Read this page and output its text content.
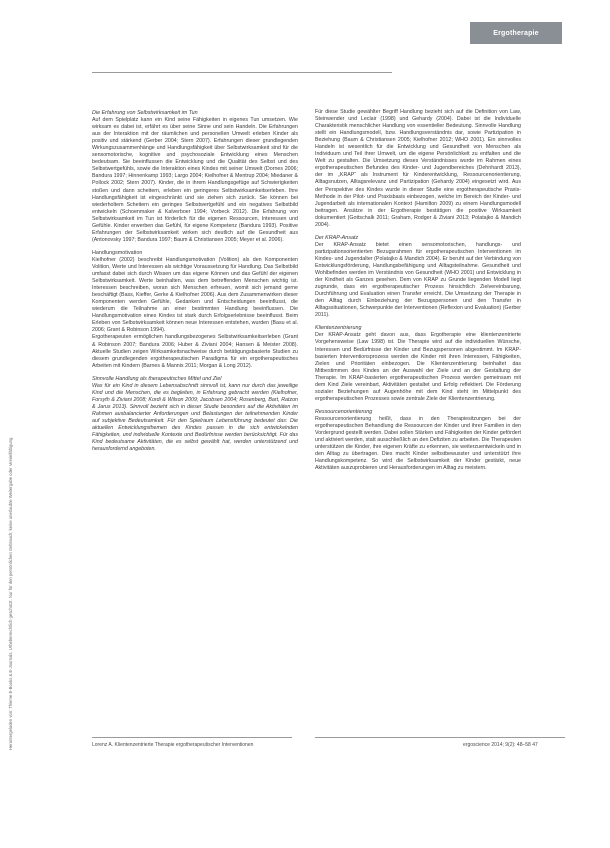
Ergotherapie
Heruntergeladen von: Thieme E-Books & E-Journals. Urheberrechtlich geschützt. Nur für den persönlichen Gebrauch; keine unerlaubte Weitergabe oder Vervielfältigung.

Die Erfahrung von Selbstwirksamkeit im Tun

Auf dem Spielplatz kann ein Kind seine Fähigkeiten in eigenes Tun umsetzen. Wie wirksam es dabei ist, erfährt es über seine Sinne und sein Handeln. Die Erfahrungen aus der Interaktion mit der räumlichen und personellen Umwelt erleben Kinder als positiv und stärkend (Gerber 2004; Stern 2007). Erfahrungen dieser grundlegenden Wirkungszusammenhänge und Handlungsfähigkeit über Selbstwirksamkeit sind für die sensomotorische, kognitive und psychosoziale Entwicklung eines Menschen bedeutsam. Sie beeinflussen die Entwicklung und die Qualität des Selbst und des Selbstwertgefühls, sowie die Interaktion eines Kindes mit seiner Umwelt (Dornes 2006; Bandura 1997; Hinnenkamp 1993; Largo 2004; Kielhofner & Mentrup 2004; Miedaner & Pollock 2002; Stern 2007). Kinder, die in ihrem Handlungsgefüge auf Schwierigkeiten stoßen und dann scheitern, erleben ein geringeres Selbstwirksamkeitserleben. Ihre Handlungsfähigkeit ist eingeschränkt und sie ziehen sich zurück. Sie können bei wiederholtem Scheitern ein geringes Selbstwertgefühl und ein negatives Selbstbild entwickeln (Schoenmaker & Kalverboer 1994; Vorbeck 2012). Die Erfahrung von Selbstwirksamkeit im Tun ist förderlich für die eigenen Ressourcen, Interessen und Gefühle. Kinder erwerben das Gefühl, für eigene Kompetenz (Bandura 1993). Positive Erfahrungen der Selbstwirksamkeit wirken sich deutlich auf die Gesundheit aus (Antonovsky 1997; Bandura 1997; Baum & Christiansen 2005; Meyer et al. 2006).

Handlungsmotivation

Kielhofner (2002) beschreibt Handlungsmotivation (Volition) als den Komponenten Volition, Werte und Interessen als wichtige Voraussetzung für Handlung. Das Selbstbild umfasst dabei sich durch Wissen um das eigene Können und das Gefühl der eigenen Selbstwirksamkeit. Werte beinhalten, was dem betreffenden Menschen wichtig ist. Interessen beschreiben, woran sich Menschen erfreuen, womit sich jemand gerne beschäftigt (Bass, Kieffer, Gerke & Kielhofner 2006). Aus dem Zusammenwirken dieser Komponenten werden Gefühle, Gedanken und Entscheidungen beeinflusst, die wiederum die Teilnahme an einer bestimmten Handlung beeinflussen. Die Handlungsmotivation eines Kindes ist stark durch Erfolgserlebnisse beeinflusst. Beim Erleben von Selbstwirksamkeit können neue Interessen entstehen, wurden (Basu et al. 2006; Grant & Robinson 1994).

Ergotherapeuten ermöglichen handlungsbezogenes Selbstwirksamkeitserleben (Grant & Robinson 2007; Bandura 2006; Huber & Ziviani 2004; Hansen & Meister 2008). Aktuelle Studien zeigen Wirksamkeitsnachweise durch betätigungsbasierte Studien zu diesem grundlegenden ergotherapeutischen Paradigma für ein ergotherapeutisches Arbeiten mit Kindern (Barnes & Mannix 2011; Morgan & Long 2012).

Sinnvolle Handlung als therapeutisches Mittel und Ziel

Was für ein Kind in diesem Lebensabschnitt sinnvoll ist, kann nur durch das jeweilige Kind und die Menschen, die es begleiten, in Erfahrung gebracht werden (Kielhofner, Forsyth & Ziviani 2008; Kordi & Wilson 2009; Jacobsen 2004; Rosenberg, Bart, Ratzon & Jarus 2013). Sinnvoll bezieht sich in dieser Studie besonders auf die Aktivitäten im Rahmen ausbalancierter Anforderungen und Belastungen der teilnehmenden Kinder auf subjektive Bedeutsamkeit. Für den Spielraum Lebensführung bedeutet das: Die aktuellen Entwicklungsthemen des Kindes passen in die sich entwickelnden Fähigkeiten, und individuelle Kontexte und Bedürfnisse werden berücksichtigt. Für das Kind bedeutsame Aktivitäten, die es selbst gewählt hat, werden unterstützend und herausfordernd angeboten.

Für diese Studie gewählter Begriff Handlung bezieht sich auf die Definition von Law, Steinwender und Leclair (1998) und Gehardy (2004). Dabei ist die Individuelle Charakteristik menschlicher Handlung von essentieller Bedeutung. Sinnvolle Handlung stellt ein Handlungsmodell, bzw. Handlungsverständnis dar, sowie Partizipation in Beziehung (Baum & Christiansen 2005; Kielhofner 2012; WHO 2001). Ein sinnvolles Handeln ist wesentlich für die Entwicklung und Gesundheit von Menschen als Individuum und Teil ihrer Umwelt, um die eigene Persönlichkeit zu entfalten und die Welt zu gestalten. Die Umsetzung dieses Verständnisses wurde im Rahmen eines ergotherapeutischen Befundes des Kinder- und Jugendbereiches (Dehnhardt 2013), der im „KRAP“ als Instrument für Kinderentwicklung, Ressourcenorientierung, Alltagsnutzen, Alltagsrelevanz und Partizipation (Gehardy 2004) eingesetzt wird. Aus der Perspektive des Kindes wurde in dieser Studie eine ergotherapeutische Praxis-Methode in der Pilot- und Praxisbasis einbezogen, welche im Bereich der Kinder- und Jugendarbeit als internationalen Kontext (Hamilton 2009) zu einem Handlungsmodell beitragen. Ansätze in der Ergotherapie bestätigen die positive Wirksamkeit dokumentiert (Gottschalk 2011; Graham, Rodger & Ziviani 2013; Polatajko & Mandich 2004).

Der KRAP-Ansatz

Der KRAP-Ansatz bietet einen sensomotorischen, handlungs- und partizipationsorientierten Bezugsrahmen für ergotherapeutischen Interventionen im Kindes- und Jugendalter (Polatajko & Mandich 2004). Er beruht auf der Verbindung von Entwicklungsförderung, Handlungsbefähigung und Alltagsteilnahme. Gesundheit und Wohlbefinden werden im Verständnis von Gesundheit (WHO 2001) und Entwicklung in der Kindheit als Ganzes gesehen. Dem von KRAP zu Grunde liegenden Modell liegt zugrunde, dass ein ergotherapeutischer Prozess hinsichtlich Zielvereinbarung, Durchführung und Evaluation einen Transfer erreicht. Die Umsetzung der Therapie in den Alltag durch Einbeziehung der Bezugspersonen und den Transfer in Alltagssituationen, Schwerpunkte der Interventionen (Reflexion und Evaluation) (Gerber 2011).

Klientenzentrierung

Der KRAP-Ansatz geht davon aus, dass Ergotherapie eine klientenzentrierte Vorgehensweise (Law 1998) ist. Die Therapie wird auf die individuellen Wünsche, Interessen und Bedürfnisse der Kinder und Bezugspersonen abgestimmt. Im KRAP-basierten Interventionsprozess werden die Kinder mit ihren Interessen, Fähigkeiten, Zielen und Prioritäten einbezogen. Die Klientenzentrierung beinhaltet das Mitbestimmen des Kindes an der Auswahl der Ziele und an der Gestaltung der Therapie. Im KRAP-basierten ergotherapeutischen Prozess werden gemeinsam mit dem Kind Ziele vereinbart, Aktivitäten gestaltet und Erfolg reflektiert. Die Förderung sozialer Beziehungen auf Augenhöhe mit dem Kind steht im Mittelpunkt des ergotherapeutischen Prozesses sowie zentrale Ziele der Klientenzentrierung.

Ressourcenorientierung

Ressourcenorientierung heißt, dass in den Therapiesitzungen bei der ergotherapeutischen Behandlung die Ressourcen der Kinder und ihrer Familien in den Vordergrund gestellt werden. Dabei sollen Stärken und Fähigkeiten der Kinder gefördert und aktiviert werden, statt ausschließlich an den Defiziten zu arbeiten. Die Therapeuten unterstützen die Kinder, ihre eigenen Kräfte zu erkennen, sie weiterzuentwickeln und in den Alltag zu übertragen. Dies macht Kinder selbstbewusster und unterstützt ihre Handlungskompetenz. So wird die Selbstwirksamkeit der Kinder gestärkt, neue Aktivitäten auszuprobieren und Herausforderungen im Alltag zu meistern.

Lorenz A. Klientenzentrierte Therapie ergotherapeutischer Interventionen	ergoscience 2014; 9(2): 48–58 47
